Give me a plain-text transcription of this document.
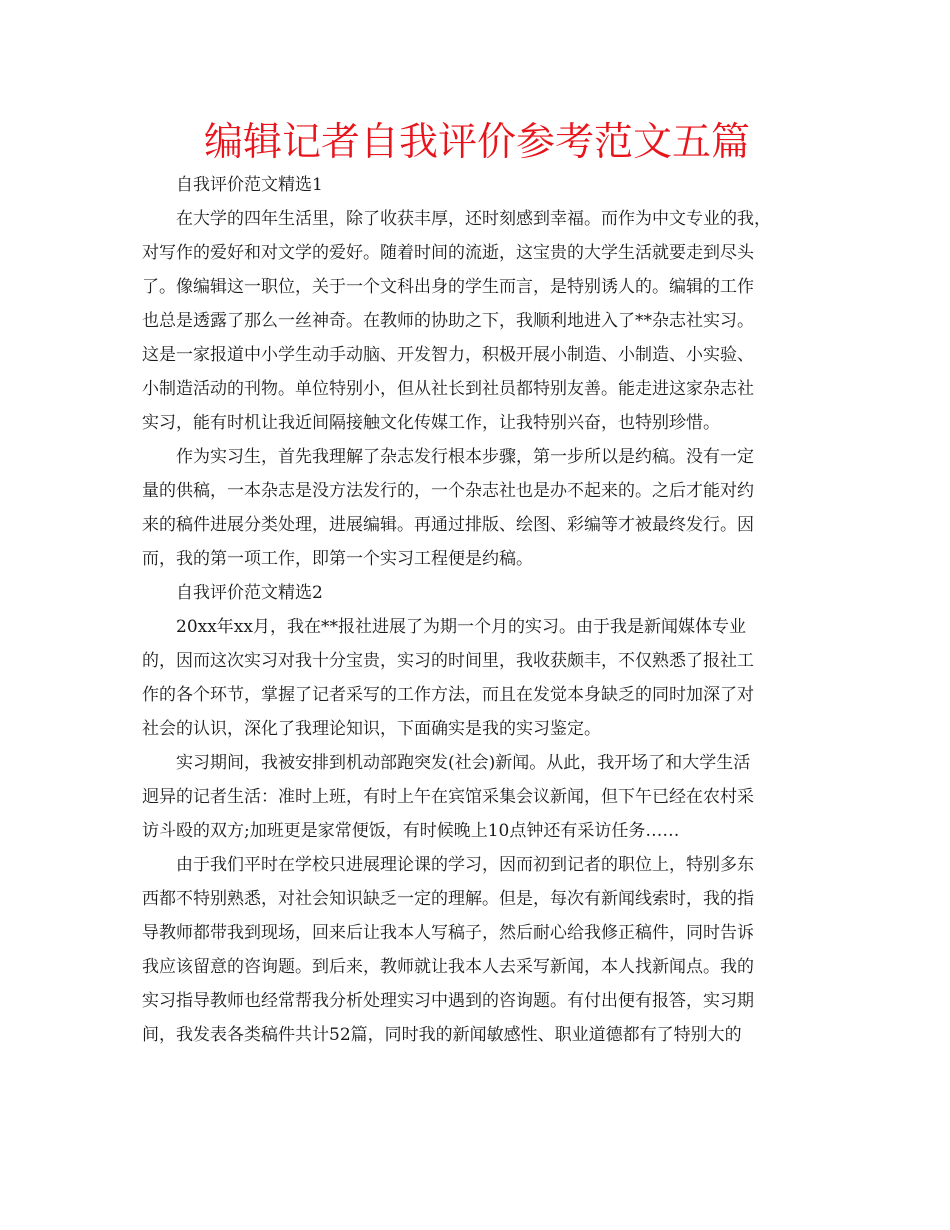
编辑记者自我评价参考范文五篇
自我评价范文精选1
在大学的四年生活里，除了收获丰厚，还时刻感到幸福。而作为中文专业的我，
对写作的爱好和对文学的爱好。随着时间的流逝，这宝贵的大学生活就要走到尽头
了。像编辑这一职位，关于一个文科出身的学生而言，是特别诱人的。编辑的工作
也总是透露了那么一丝神奇。在教师的协助之下，我顺利地进入了**杂志社实习。
这是一家报道中小学生动手动脑、开发智力，积极开展小制造、小制造、小实验、
小制造活动的刊物。单位特别小，但从社长到社员都特别友善。能走进这家杂志社
实习，能有时机让我近间隔接触文化传媒工作，让我特别兴奋，也特别珍惜。
作为实习生，首先我理解了杂志发行根本步骤，第一步所以是约稿。没有一定
量的供稿，一本杂志是没方法发行的，一个杂志社也是办不起来的。之后才能对约
来的稿件进展分类处理，进展编辑。再通过排版、绘图、彩编等才被最终发行。因
而，我的第一项工作，即第一个实习工程便是约稿。
自我评价范文精选2
20xx年xx月，我在**报社进展了为期一个月的实习。由于我是新闻媒体专业
的，因而这次实习对我十分宝贵，实习的时间里，我收获颇丰，不仅熟悉了报社工
作的各个环节，掌握了记者采写的工作方法，而且在发觉本身缺乏的同时加深了对
社会的认识，深化了我理论知识，下面确实是我的实习鉴定。
实习期间，我被安排到机动部跑突发(社会)新闻。从此，我开场了和大学生活
迥异的记者生活：准时上班，有时上午在宾馆采集会议新闻，但下午已经在农村采
访斗殴的双方;加班更是家常便饭，有时候晚上10点钟还有采访任务……
由于我们平时在学校只进展理论课的学习，因而初到记者的职位上，特别多东
西都不特别熟悉，对社会知识缺乏一定的理解。但是，每次有新闻线索时，我的指
导教师都带我到现场，回来后让我本人写稿子，然后耐心给我修正稿件，同时告诉
我应该留意的咨询题。到后来，教师就让我本人去采写新闻，本人找新闻点。我的
实习指导教师也经常帮我分析处理实习中遇到的咨询题。有付出便有报答，实习期
间，我发表各类稿件共计52篇，同时我的新闻敏感性、职业道德都有了特别大的
